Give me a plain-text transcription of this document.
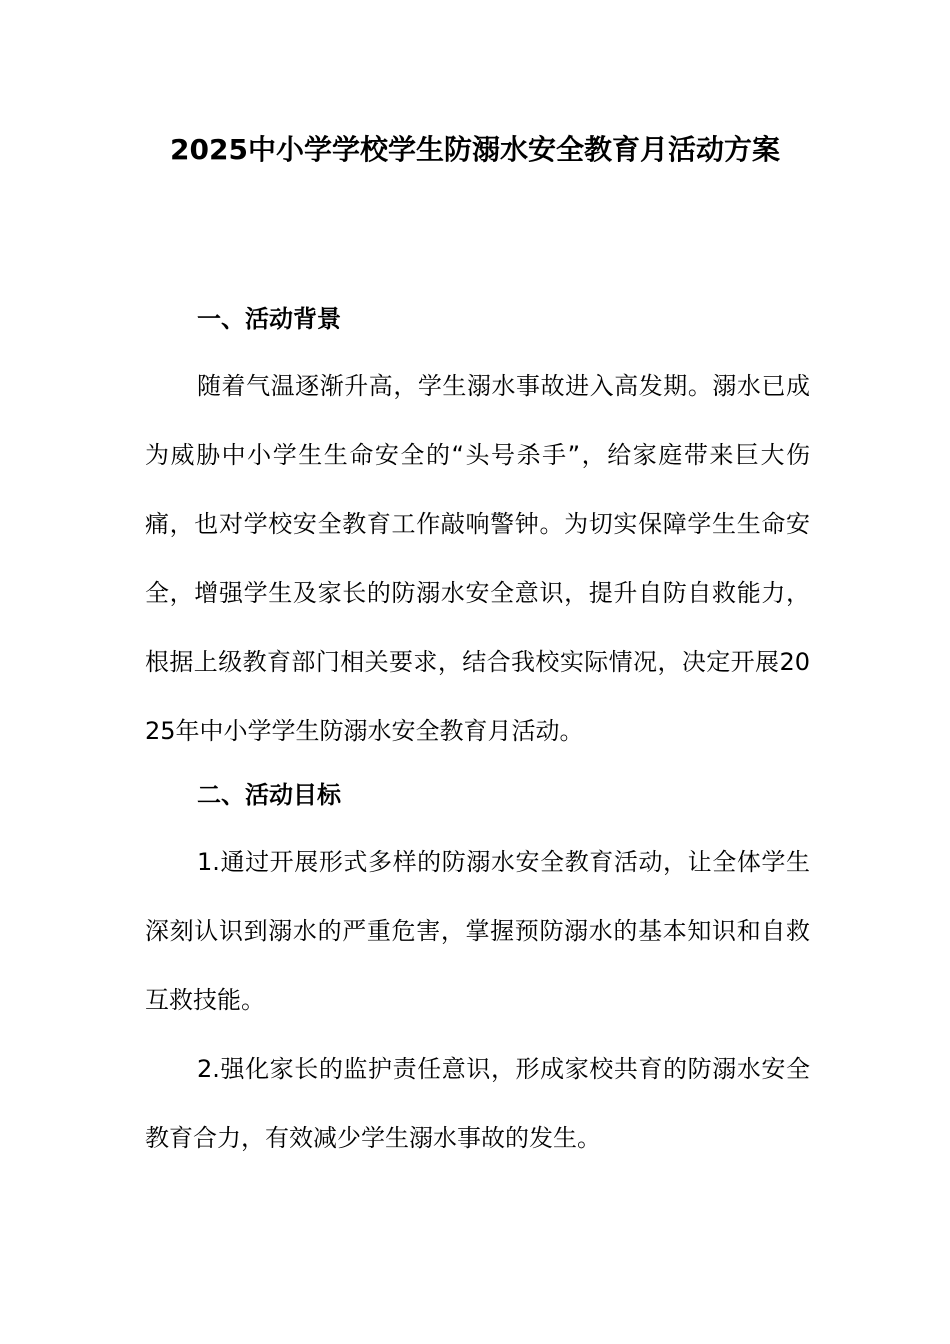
2025中小学学校学生防溺水安全教育月活动方案
一、活动背景

随着气温逐渐升高，学生溺水事故进入高发期。溺水已成为威胁中小学生生命安全的“头号杀手”，给家庭带来巨大伤痛，也对学校安全教育工作敲响警钟。为切实保障学生生命安全，增强学生及家长的防溺水安全意识，提升自防自救能力，根据上级教育部门相关要求，结合我校实际情况，决定开展2025年中小学学生防溺水安全教育月活动。

二、活动目标

1.通过开展形式多样的防溺水安全教育活动，让全体学生深刻认识到溺水的严重危害，掌握预防溺水的基本知识和自救互救技能。

2.强化家长的监护责任意识，形成家校共育的防溺水安全教育合力，有效减少学生溺水事故的发生。
